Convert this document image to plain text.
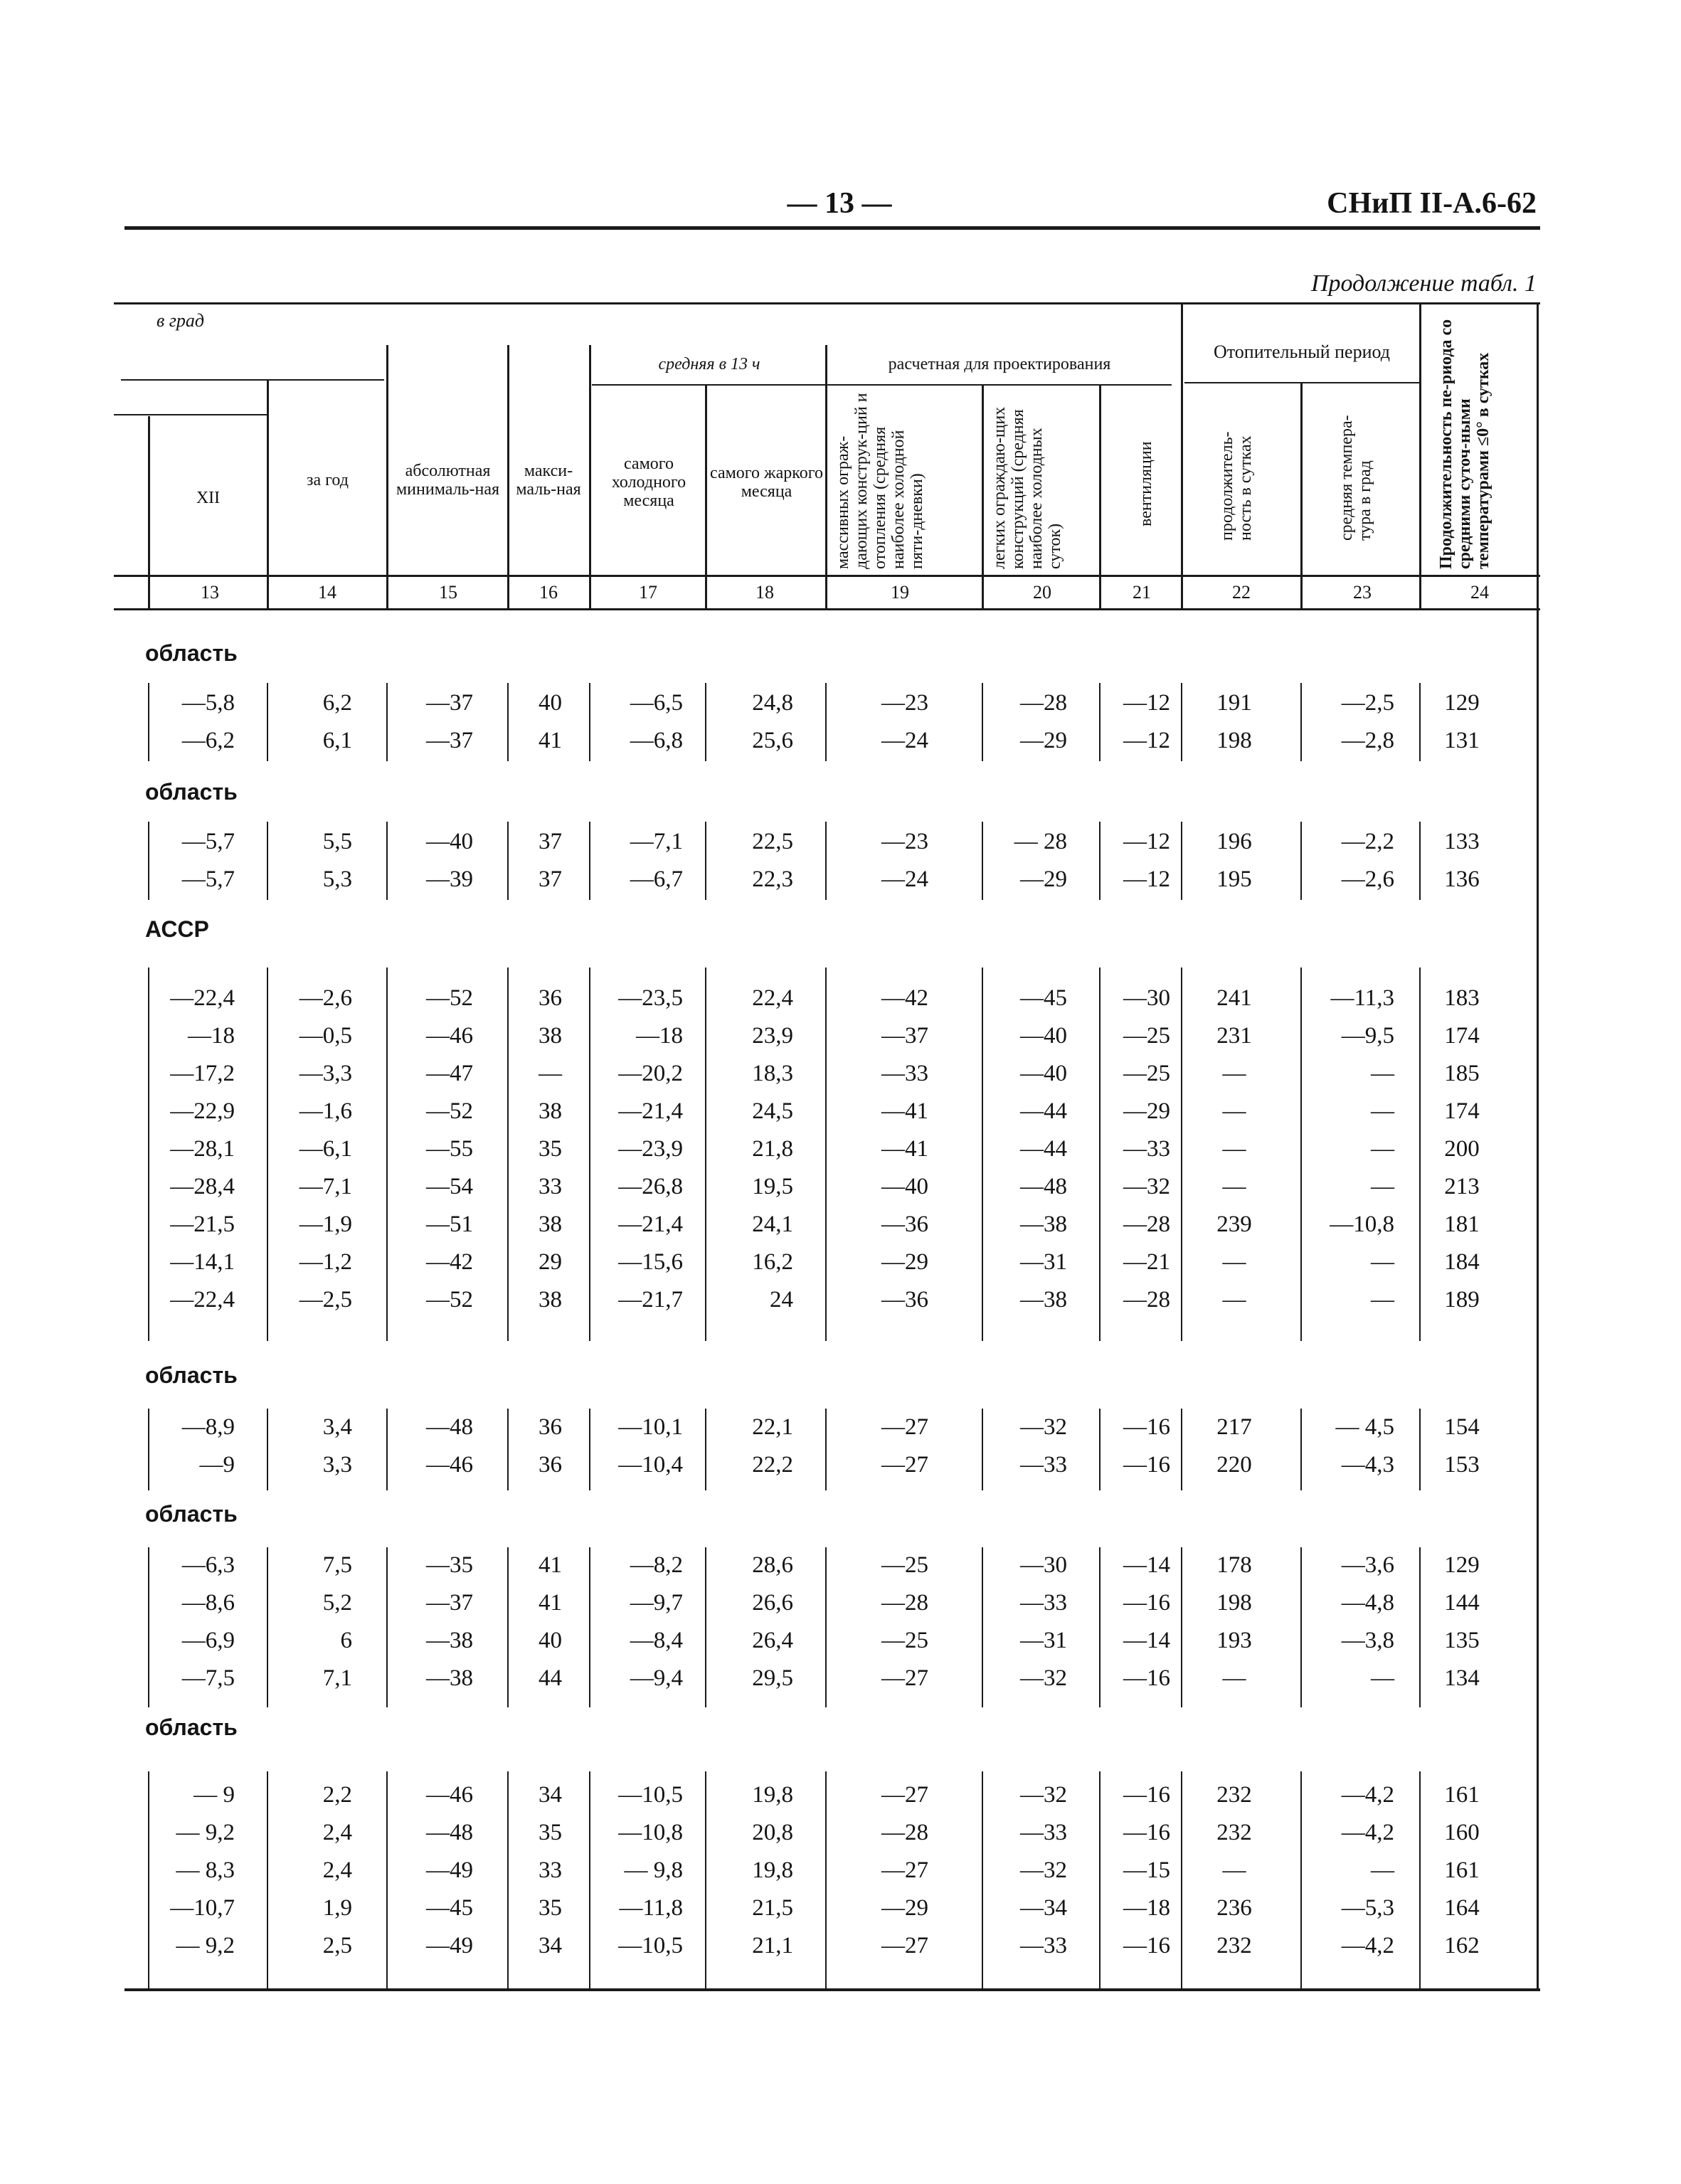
— 13 —	СНиП II-А.6-62
Продолжение табл. 1
в град
XII
за год	абсолютная минималь-ная
макси-маль-ная
средняя в 13 ч
самого холодного месяца
самого жаркого месяца
расчетная для проектирования
массивных ограж-дающих конструк-ций и отопления (средняя наиболее холодной пяти-дневки)	легких ограждаю-щих конструкций (средняя наиболее холодных суток)
вентиляции
Отопительный период
продолжитель-ность в сутках	средняя темпера-тура в град	Продолжительность пе-риода со средними суточ-ными температурами ≤0° в сутках
13	14	15	16	17	18	19	20	21	22	23	24
область
—5,8	6,2	—37	40	—6,5	24,8	—23	—28	—12	191	—2,5	129
—6,2	6,1	—37	41	—6,8	25,6	—24	—29	—12	198	—2,8	131
область
—5,7	5,5	—40	37	—7,1	22,5	—23	— 28	—12	196	—2,2	133
—5,7	5,3	—39	37	—6,7	22,3	—24	—29	—12	195	—2,6	136
АССР
—22,4	—2,6	—52	36	—23,5	22,4	—42	—45	—30	241	—11,3	183
—18	—0,5	—46	38	—18	23,9	—37	—40	—25	231	—9,5	174
—17,2	—3,3	—47	—	—20,2	18,3	—33	—40	—25	—	—	185
—22,9	—1,6	—52	38	—21,4	24,5	—41	—44	—29	—	—	174
—28,1	—6,1	—55	35	—23,9	21,8	—41	—44	—33	—	—	200
—28,4	—7,1	—54	33	—26,8	19,5	—40	—48	—32	—	—	213
—21,5	—1,9	—51	38	—21,4	24,1	—36	—38	—28	239	—10,8	181
—14,1	—1,2	—42	29	—15,6	16,2	—29	—31	—21	—	—	184
—22,4	—2,5	—52	38	—21,7	24	—36	—38	—28	—	—	189
область
—8,9	3,4	—48	36	—10,1	22,1	—27	—32	—16	217	— 4,5	154
—9	3,3	—46	36	—10,4	22,2	—27	—33	—16	220	—4,3	153
область
—6,3	7,5	—35	41	—8,2	28,6	—25	—30	—14	178	—3,6	129
—8,6	5,2	—37	41	—9,7	26,6	—28	—33	—16	198	—4,8	144
—6,9	6	—38	40	—8,4	26,4	—25	—31	—14	193	—3,8	135
—7,5	7,1	—38	44	—9,4	29,5	—27	—32	—16	—	—	134
область
— 9	2,2	—46	34	—10,5	19,8	—27	—32	—16	232	—4,2	161
— 9,2	2,4	—48	35	—10,8	20,8	—28	—33	—16	232	—4,2	160
— 8,3	2,4	—49	33	— 9,8	19,8	—27	—32	—15	—	—	161
—10,7	1,9	—45	35	—11,8	21,5	—29	—34	—18	236	—5,3	164
— 9,2	2,5	—49	34	—10,5	21,1	—27	—33	—16	232	—4,2	162
